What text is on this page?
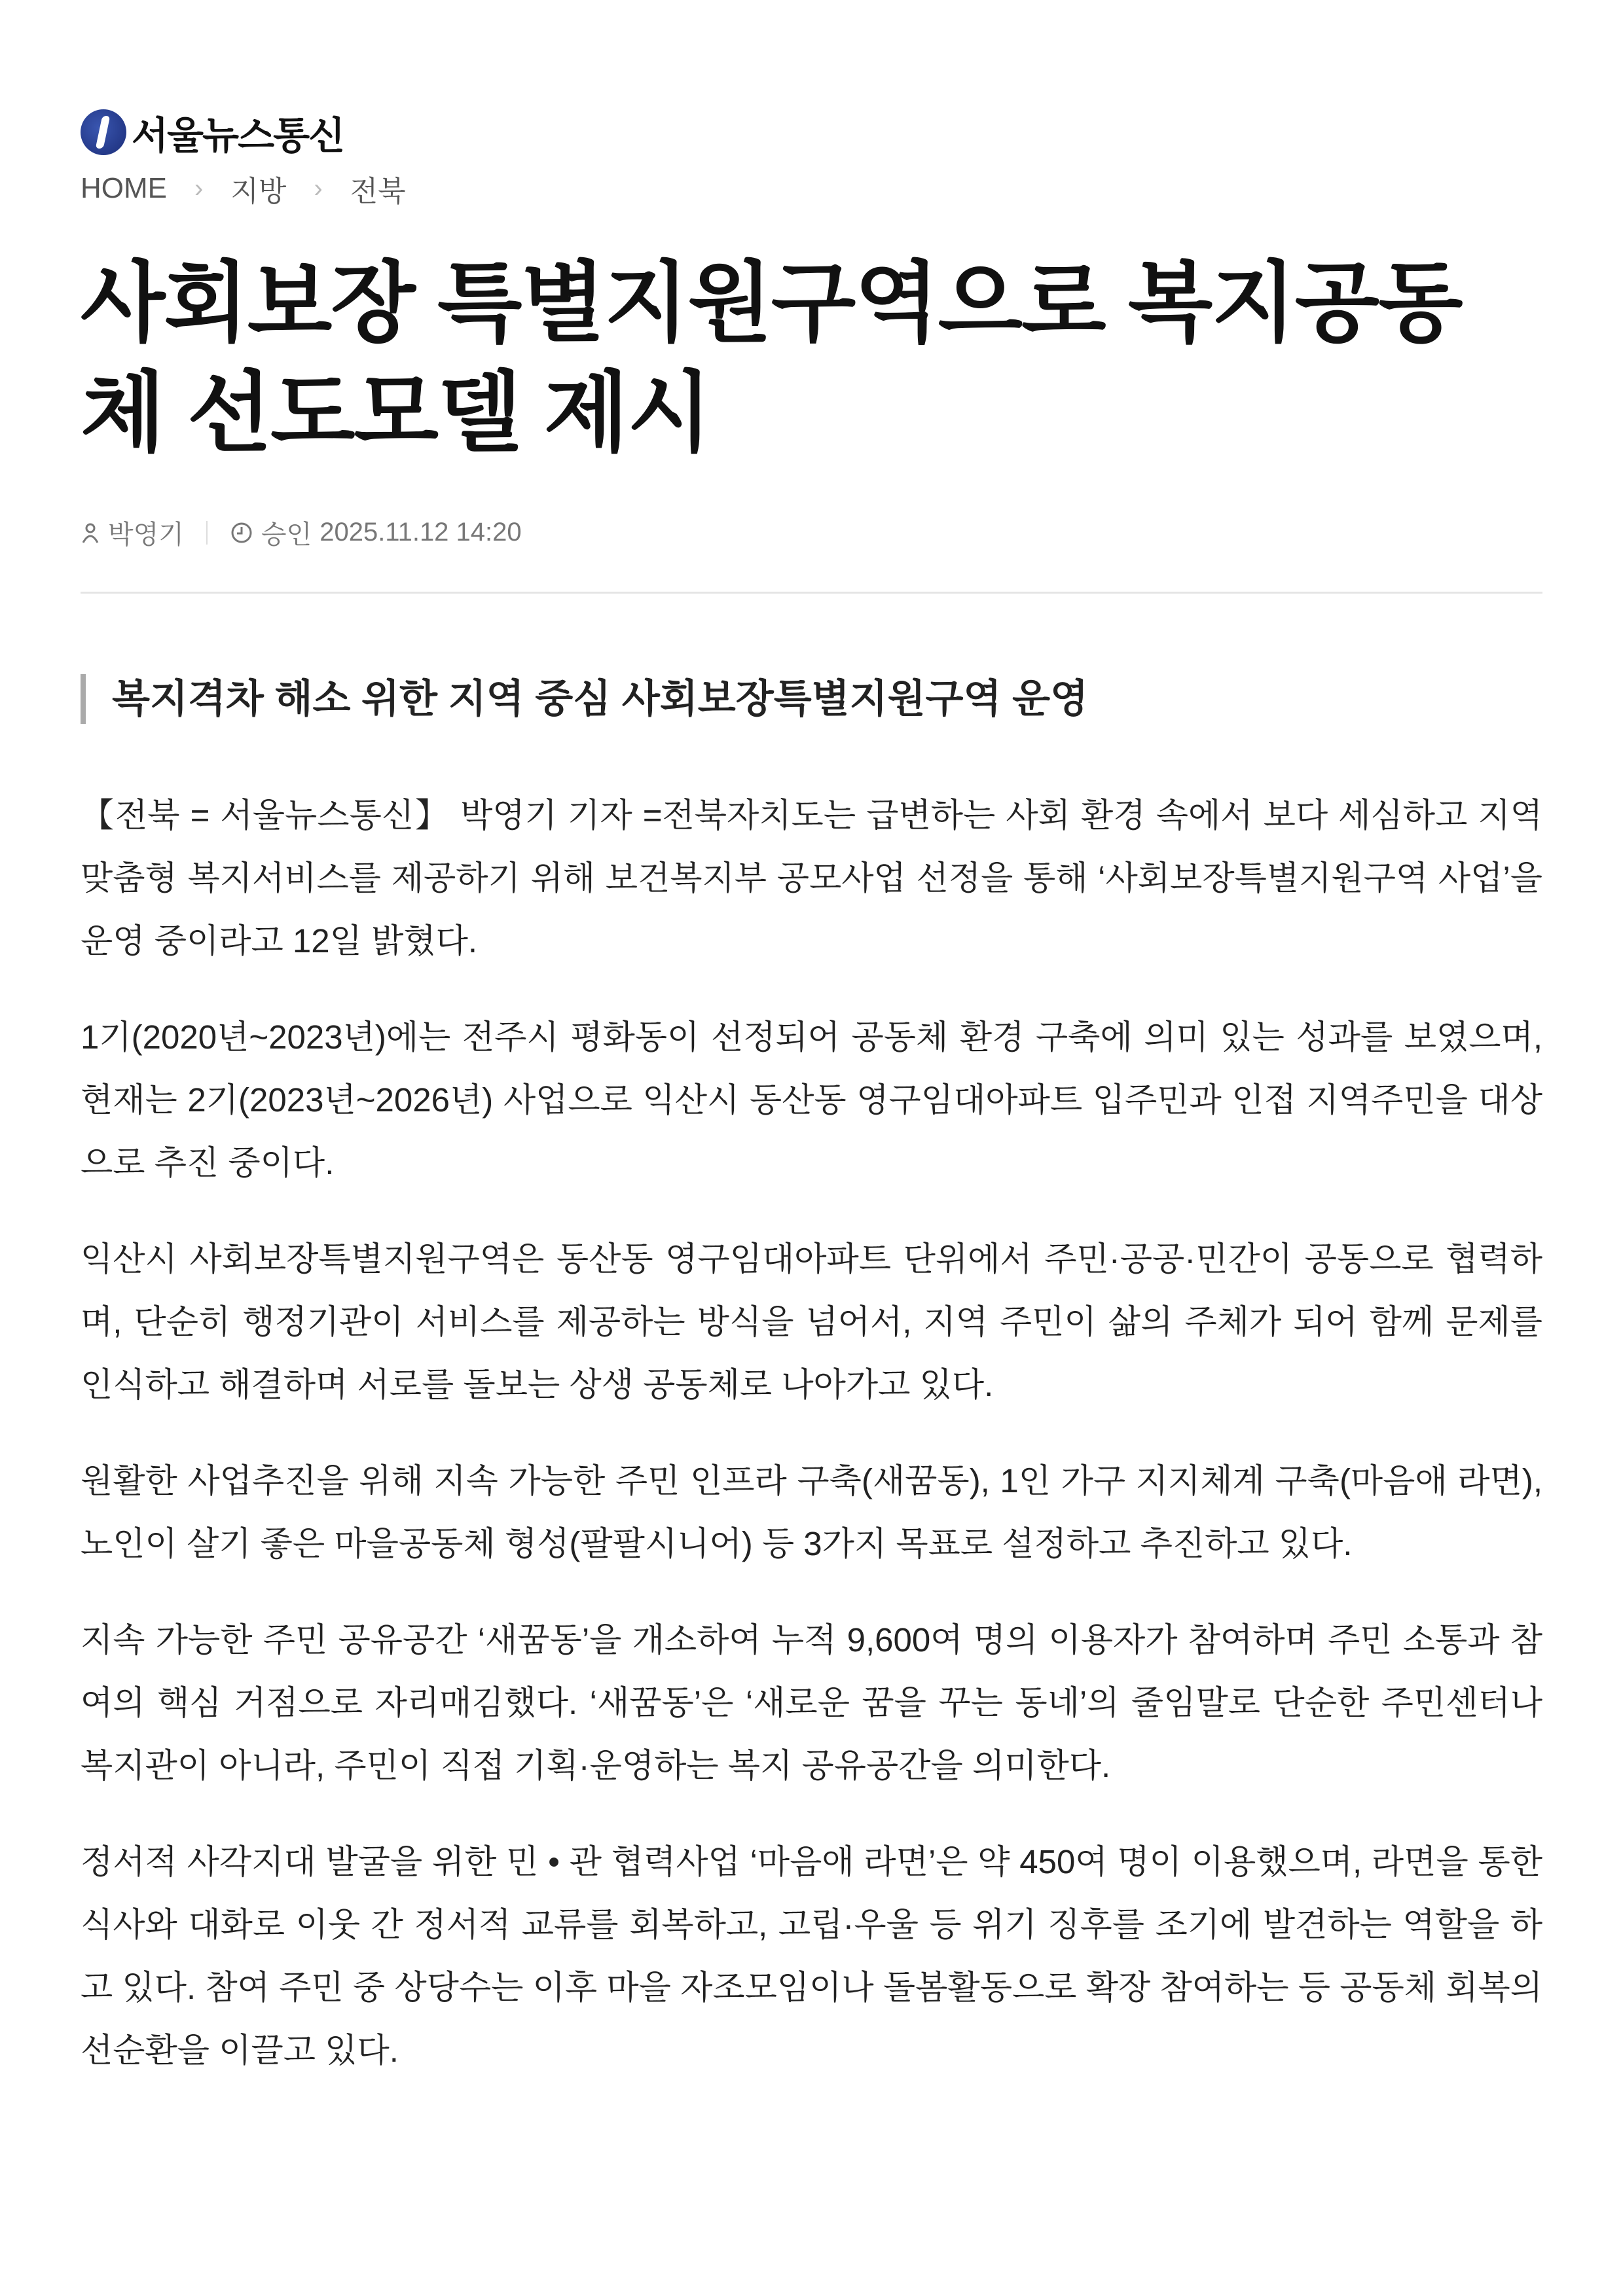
서울뉴스통신
HOME › 지방 › 전북
사회보장 특별지원구역으로 복지공동체 선도모델 제시
박영기	승인 2025.11.12 14:20
복지격차 해소 위한 지역 중심 사회보장특별지원구역 운영

【전북 = 서울뉴스통신】 박영기 기자 =전북자치도는 급변하는 사회 환경 속에서 보다 세심하고 지역 맞춤형 복지서비스를 제공하기 위해 보건복지부 공모사업 선정을 통해 ‘사회보장특별지원구역 사업’을 운영 중이라고 12일 밝혔다.

1기(2020년~2023년)에는 전주시 평화동이 선정되어 공동체 환경 구축에 의미 있는 성과를 보였으며, 현재는 2기(2023년~2026년) 사업으로 익산시 동산동 영구임대아파트 입주민과 인접 지역주민을 대상으로 추진 중이다.

익산시 사회보장특별지원구역은 동산동 영구임대아파트 단위에서 주민·공공·민간이 공동으로 협력하며, 단순히 행정기관이 서비스를 제공하는 방식을 넘어서, 지역 주민이 삶의 주체가 되어 함께 문제를 인식하고 해결하며 서로를 돌보는 상생 공동체로 나아가고 있다.

원활한 사업추진을 위해 지속 가능한 주민 인프라 구축(새꿈동), 1인 가구 지지체계 구축(마음애 라면), 노인이 살기 좋은 마을공동체 형성(팔팔시니어) 등 3가지 목표로 설정하고 추진하고 있다.

지속 가능한 주민 공유공간 ‘새꿈동’을 개소하여 누적 9,600여 명의 이용자가 참여하며 주민 소통과 참여의 핵심 거점으로 자리매김했다. ‘새꿈동’은 ‘새로운 꿈을 꾸는 동네’의 줄임말로 단순한 주민센터나 복지관이 아니라, 주민이 직접 기획·운영하는 복지 공유공간을 의미한다.

정서적 사각지대 발굴을 위한 민 • 관 협력사업 ‘마음애 라면’은 약 450여 명이 이용했으며, 라면을 통한 식사와 대화로 이웃 간 정서적 교류를 회복하고, 고립·우울 등 위기 징후를 조기에 발견하는 역할을 하고 있다. 참여 주민 중 상당수는 이후 마을 자조모임이나 돌봄활동으로 확장 참여하는 등 공동체 회복의 선순환을 이끌고 있다.
